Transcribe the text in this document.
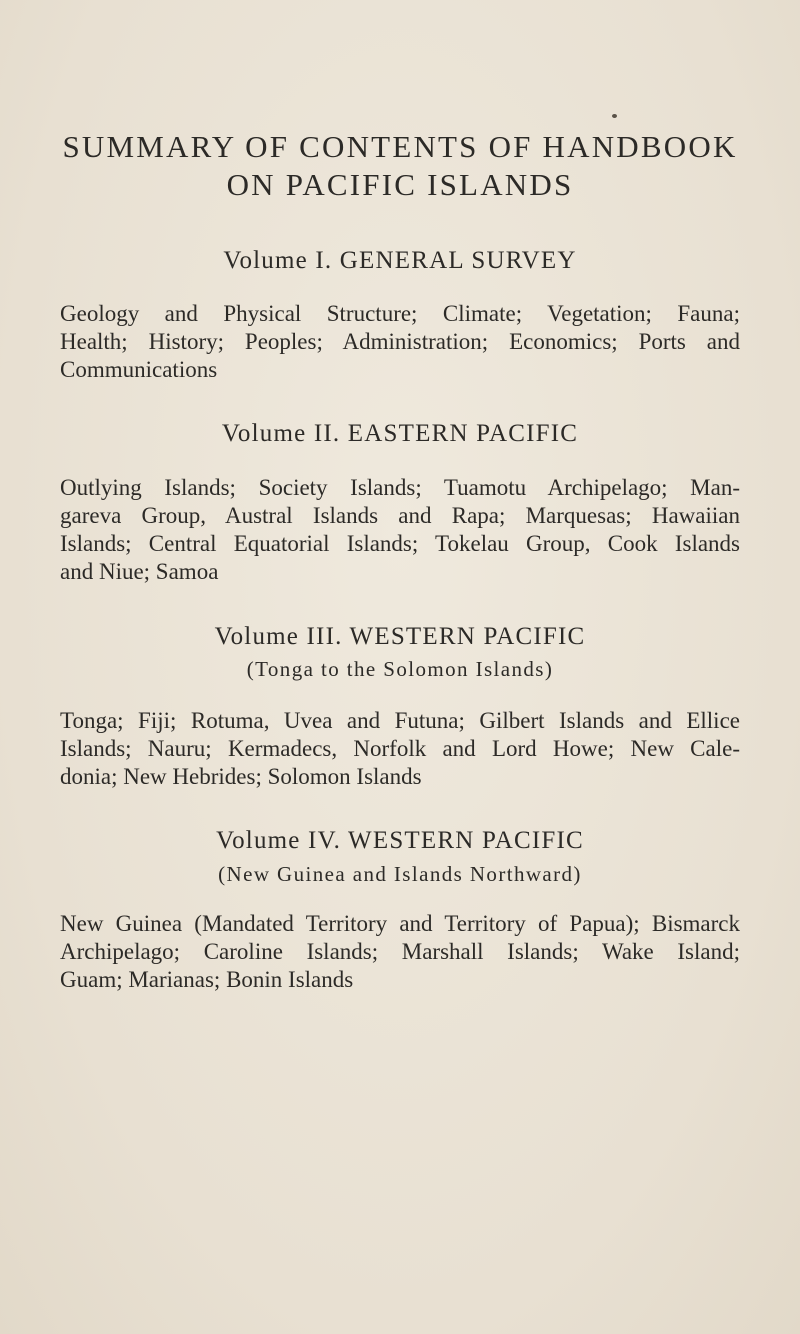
SUMMARY OF CONTENTS OF HANDBOOK
ON PACIFIC ISLANDS
Volume I. GENERAL SURVEY
Geology and Physical Structure; Climate; Vegetation; Fauna;
Health; History; Peoples; Administration; Economics; Ports and
Communications
Volume II. EASTERN PACIFIC
Outlying Islands; Society Islands; Tuamotu Archipelago; Man-
gareva Group, Austral Islands and Rapa; Marquesas; Hawaiian
Islands; Central Equatorial Islands; Tokelau Group, Cook Islands
and Niue; Samoa
Volume III. WESTERN PACIFIC
(Tonga to the Solomon Islands)
Tonga; Fiji; Rotuma, Uvea and Futuna; Gilbert Islands and Ellice
Islands; Nauru; Kermadecs, Norfolk and Lord Howe; New Cale-
donia; New Hebrides; Solomon Islands
Volume IV. WESTERN PACIFIC
(New Guinea and Islands Northward)
New Guinea (Mandated Territory and Territory of Papua); Bismarck
Archipelago; Caroline Islands; Marshall Islands; Wake Island;
Guam; Marianas; Bonin Islands
